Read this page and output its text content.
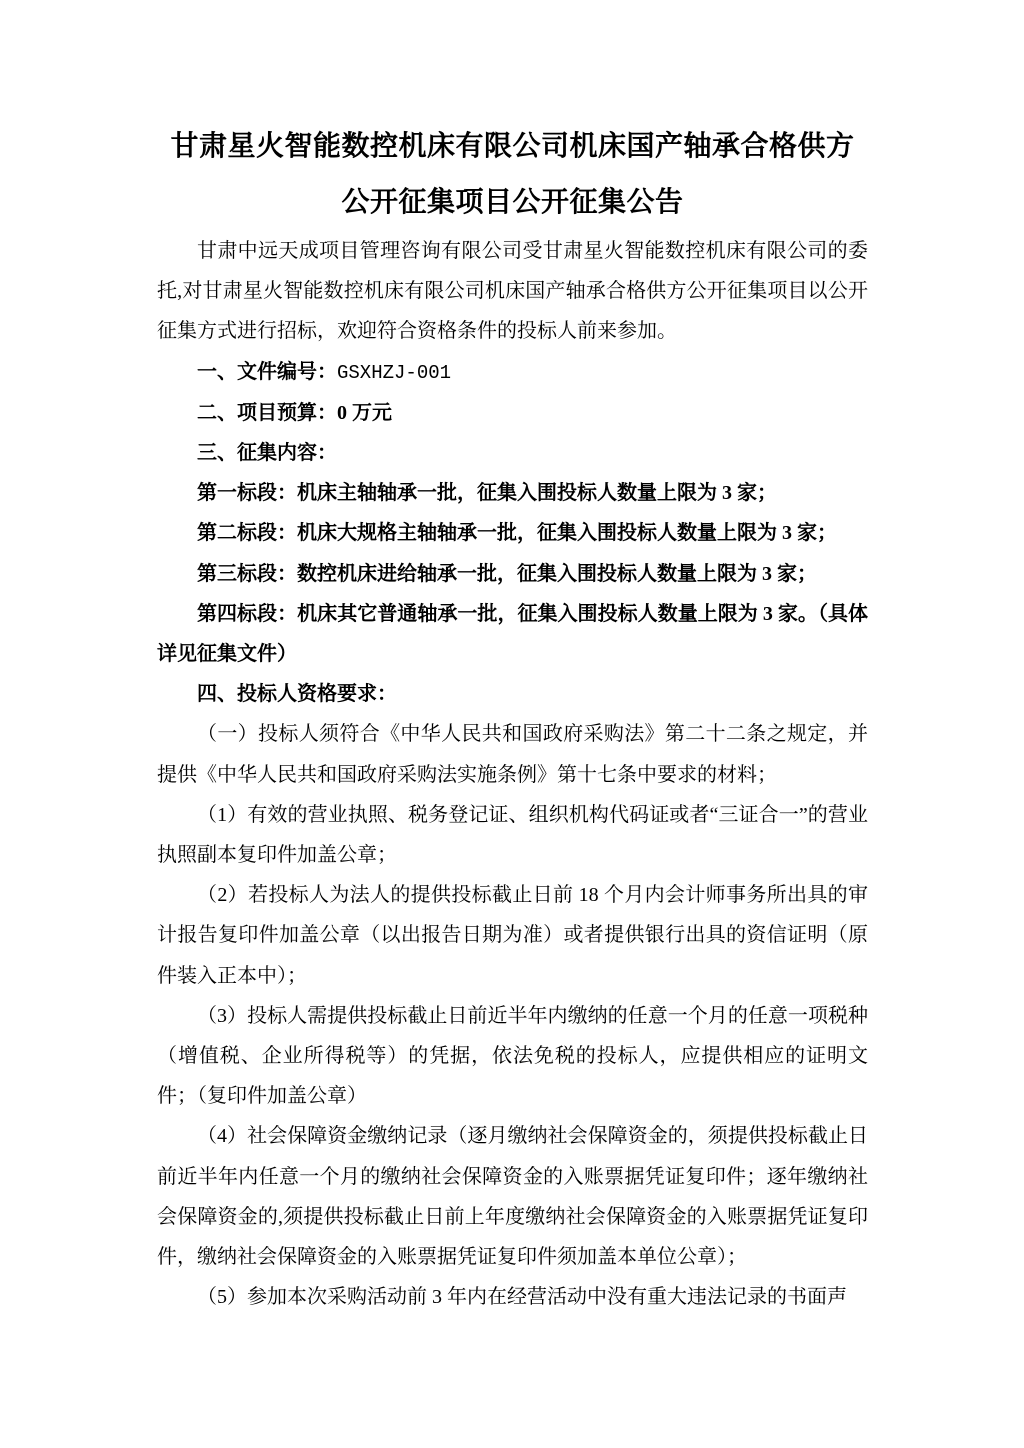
甘肃星火智能数控机床有限公司机床国产轴承合格供方公开征集项目公开征集公告

甘肃中远天成项目管理咨询有限公司受甘肃星火智能数控机床有限公司的委托,对甘肃星火智能数控机床有限公司机床国产轴承合格供方公开征集项目以公开征集方式进行招标，欢迎符合资格条件的投标人前来参加。

一、文件编号：GSXHZJ-001

二、项目预算：0 万元

三、征集内容：

第一标段：机床主轴轴承一批，征集入围投标人数量上限为 3 家；

第二标段：机床大规格主轴轴承一批，征集入围投标人数量上限为 3 家；

第三标段：数控机床进给轴承一批，征集入围投标人数量上限为 3 家；

第四标段：机床其它普通轴承一批，征集入围投标人数量上限为 3 家。（具体详见征集文件）

四、投标人资格要求：

（一）投标人须符合《中华人民共和国政府采购法》第二十二条之规定，并提供《中华人民共和国政府采购法实施条例》第十七条中要求的材料；

（1）有效的营业执照、税务登记证、组织机构代码证或者“三证合一”的营业执照副本复印件加盖公章；

（2）若投标人为法人的提供投标截止日前 18 个月内会计师事务所出具的审计报告复印件加盖公章（以出报告日期为准）或者提供银行出具的资信证明（原件装入正本中）；

（3）投标人需提供投标截止日前近半年内缴纳的任意一个月的任意一项税种（增值税、企业所得税等）的凭据，依法免税的投标人，应提供相应的证明文件；（复印件加盖公章）

（4）社会保障资金缴纳记录（逐月缴纳社会保障资金的，须提供投标截止日前近半年内任意一个月的缴纳社会保障资金的入账票据凭证复印件；逐年缴纳社会保障资金的,须提供投标截止日前上年度缴纳社会保障资金的入账票据凭证复印件，缴纳社会保障资金的入账票据凭证复印件须加盖本单位公章）；

（5）参加本次采购活动前 3 年内在经营活动中没有重大违法记录的书面声
